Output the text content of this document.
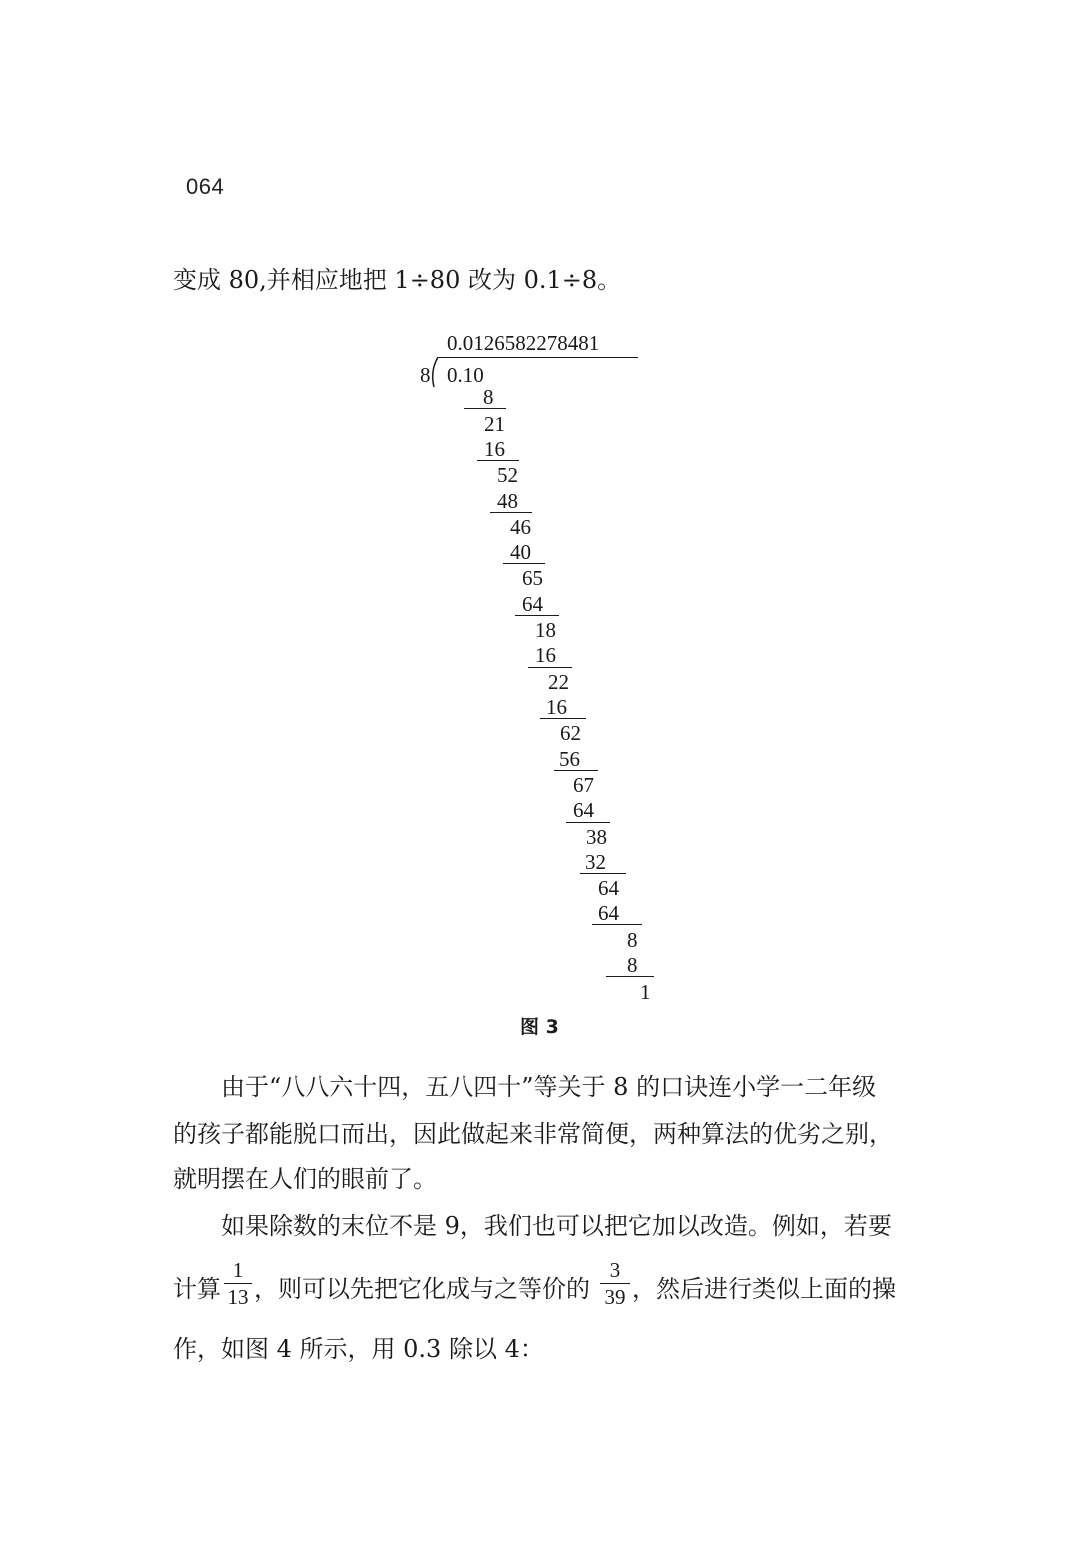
064
变成 80,并相应地把 1÷80 改为 0.1÷8。
0.0126582278481
8 0.10
8
21
16
52
48
46
40
65
64
18
16
22
16
62
56
67
64
38
32
64
64
8
8
1
图 3
由于“八八六十四，五八四十”等关于 8 的口诀连小学一二年级
的孩子都能脱口而出，因此做起来非常简便，两种算法的优劣之别，
就明摆在人们的眼前了。
如果除数的末位不是 9，我们也可以把它加以改造。例如，若要
计算
1
13 ，则可以先把它化成与之等价的
3
39 ，然后进行类似上面的操
作，如图 4 所示，用 0.3 除以 4：
